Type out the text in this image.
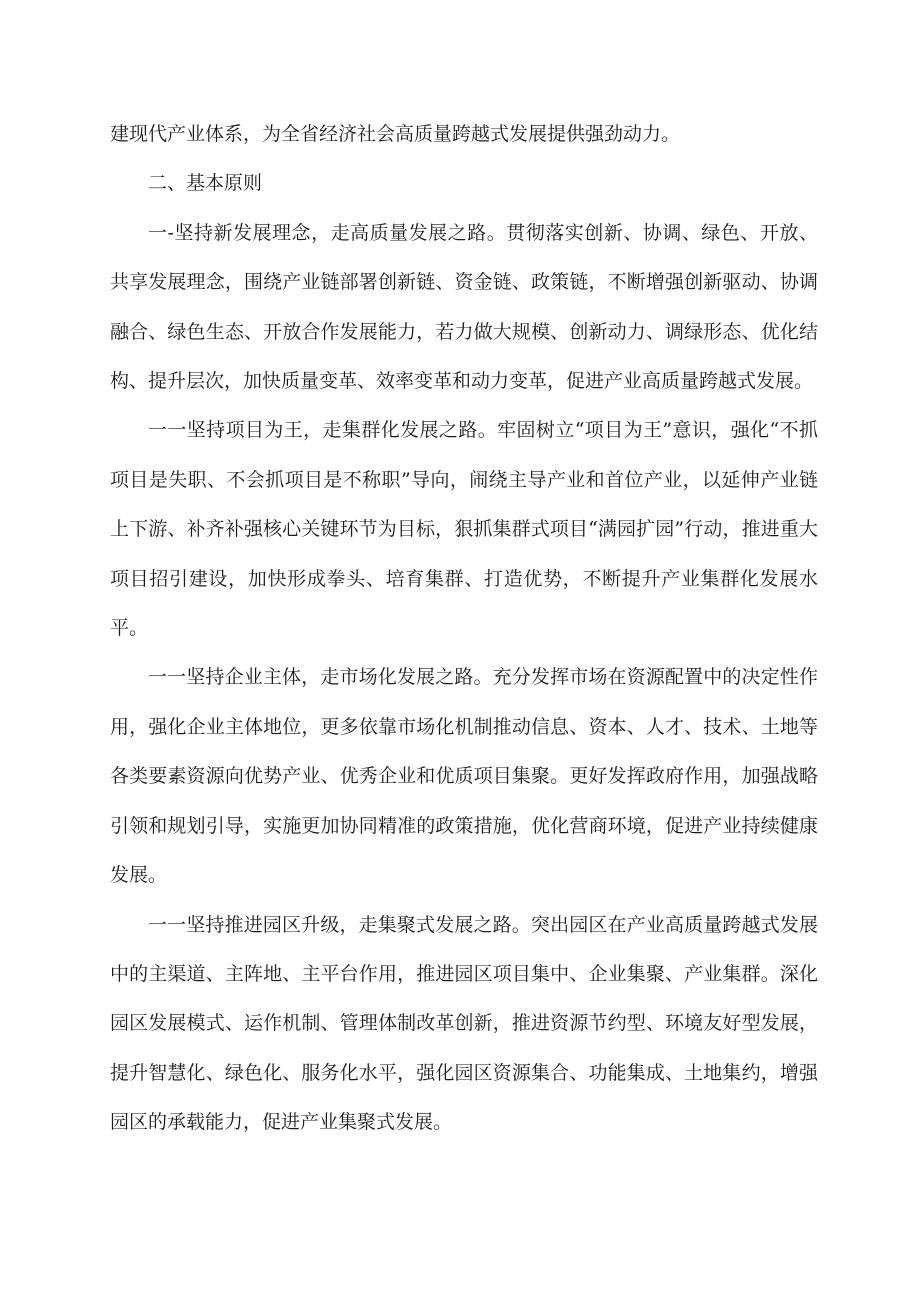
建现代产业体系，为全省经济社会高质量跨越式发展提供强劲动力。

二、基本原则

一-坚持新发展理念，走高质量发展之路。贯彻落实创新、协调、绿色、开放、共享发展理念，围绕产业链部署创新链、资金链、政策链，不断增强创新驱动、协调融合、绿色生态、开放合作发展能力，若力做大规模、创新动力、调绿形态、优化结构、提升层次，加快质量变革、效率变革和动力变革，促进产业高质量跨越式发展。

一一坚持项目为王，走集群化发展之路。牢固树立“项目为王”意识，强化“不抓项目是失职、不会抓项目是不称职”导向，闹绕主导产业和首位产业，以延伸产业链上下游、补齐补强核心关键环节为目标，狠抓集群式项目“满园扩园”行动，推进重大项目招引建设，加快形成拳头、培育集群、打造优势，不断提升产业集群化发展水平。

一一坚持企业主体，走市场化发展之路。充分发挥市场在资源配置中的决定性作用，强化企业主体地位，更多依靠市场化机制推动信息、资本、人才、技术、土地等各类要素资源向优势产业、优秀企业和优质项目集聚。更好发挥政府作用，加强战略引领和规划引导，实施更加协同精准的政策措施，优化营商环境，促进产业持续健康发展。

一一坚持推进园区升级，走集聚式发展之路。突出园区在产业高质量跨越式发展中的主渠道、主阵地、主平台作用，推进园区项目集中、企业集聚、产业集群。深化园区发展模式、运作机制、管理体制改革创新，推进资源节约型、环境友好型发展，提升智慧化、绿色化、服务化水平，强化园区资源集合、功能集成、土地集约，增强园区的承载能力，促进产业集聚式发展。
